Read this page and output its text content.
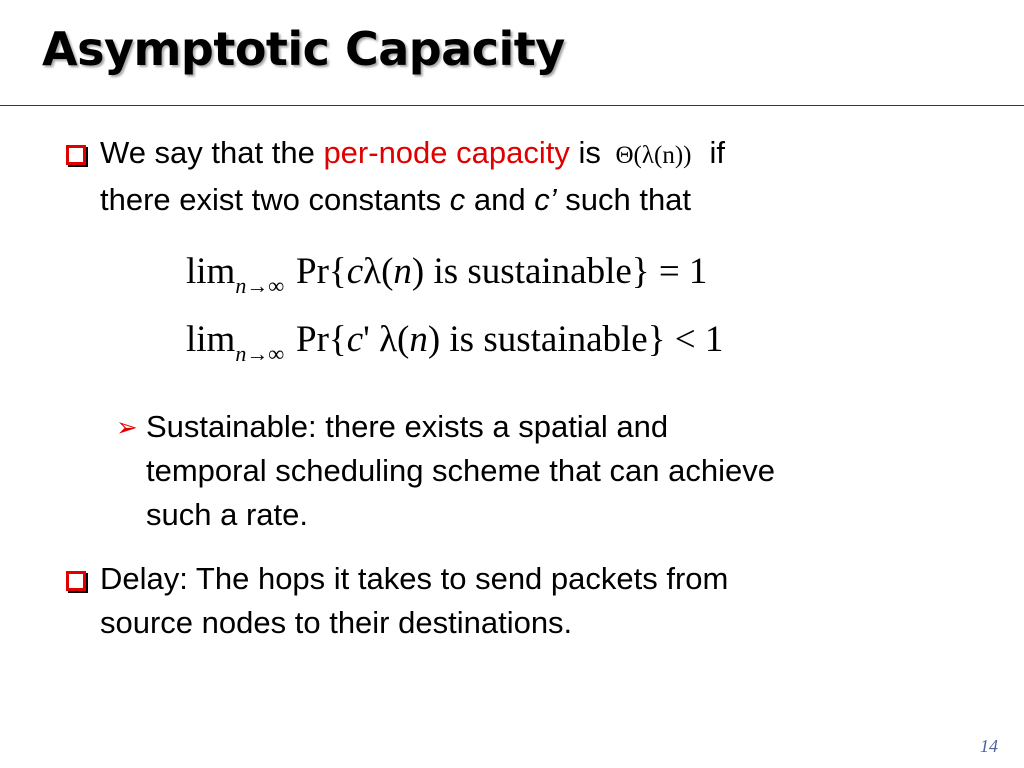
Asymptotic Capacity
We say that the per-node capacity is Θ(λ(n)) if
there exist two constants c and c’ such that
$\lim_{n\to\infty} Pr\{c\lambda(n)$ is sustainable} = 1
$\lim_{n\to\infty} Pr\{c'$ λ(n) is sustainable} < 1
➢ Sustainable: there exists a spatial and
temporal scheduling scheme that can achieve
such a rate.
Delay: The hops it takes to send packets from
source nodes to their destinations.
14
